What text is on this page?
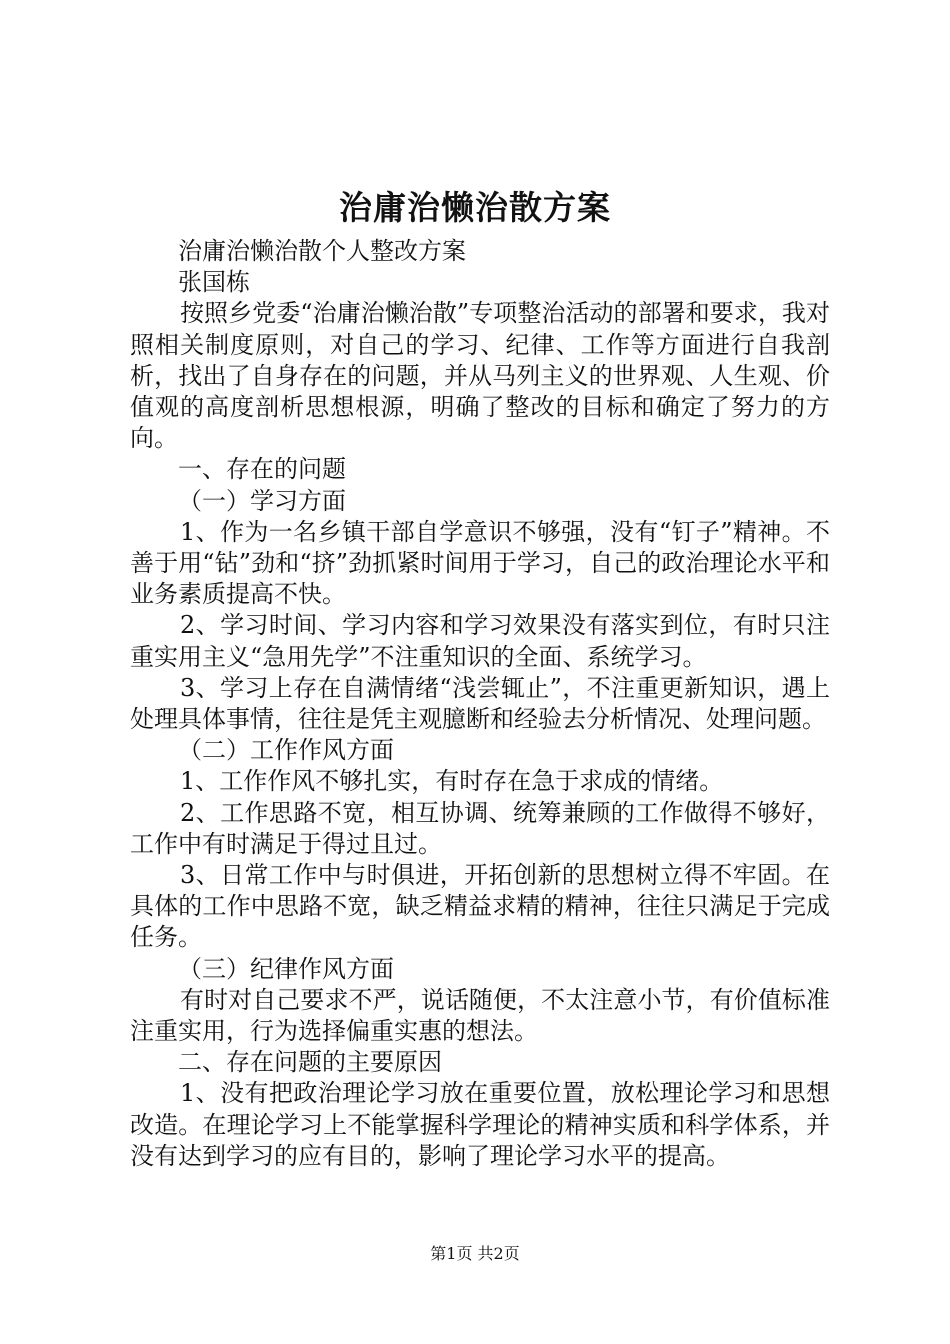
治庸治懒治散方案

治庸治懒治散个人整改方案

张国栋

按照乡党委“治庸治懒治散”专项整治活动的部署和要求，我对照相关制度原则，对自己的学习、纪律、工作等方面进行自我剖析，找出了自身存在的问题，并从马列主义的世界观、人生观、价值观的高度剖析思想根源，明确了整改的目标和确定了努力的方向。

一、存在的问题

（一）学习方面

1、作为一名乡镇干部自学意识不够强，没有“钉子”精神。不善于用“钻”劲和“挤”劲抓紧时间用于学习，自己的政治理论水平和业务素质提高不快。

2、学习时间、学习内容和学习效果没有落实到位，有时只注重实用主义“急用先学”不注重知识的全面、系统学习。

3、学习上存在自满情绪“浅尝辄止”，不注重更新知识，遇上处理具体事情，往往是凭主观臆断和经验去分析情况、处理问题。

（二）工作作风方面

1、工作作风不够扎实，有时存在急于求成的情绪。

2、工作思路不宽，相互协调、统筹兼顾的工作做得不够好，工作中有时满足于得过且过。

3、日常工作中与时俱进，开拓创新的思想树立得不牢固。在具体的工作中思路不宽，缺乏精益求精的精神，往往只满足于完成任务。

（三）纪律作风方面

有时对自己要求不严，说话随便，不太注意小节，有价值标准注重实用，行为选择偏重实惠的想法。

二、存在问题的主要原因

1、没有把政治理论学习放在重要位置，放松理论学习和思想改造。在理论学习上不能掌握科学理论的精神实质和科学体系，并没有达到学习的应有目的，影响了理论学习水平的提高。

第1页 共2页
